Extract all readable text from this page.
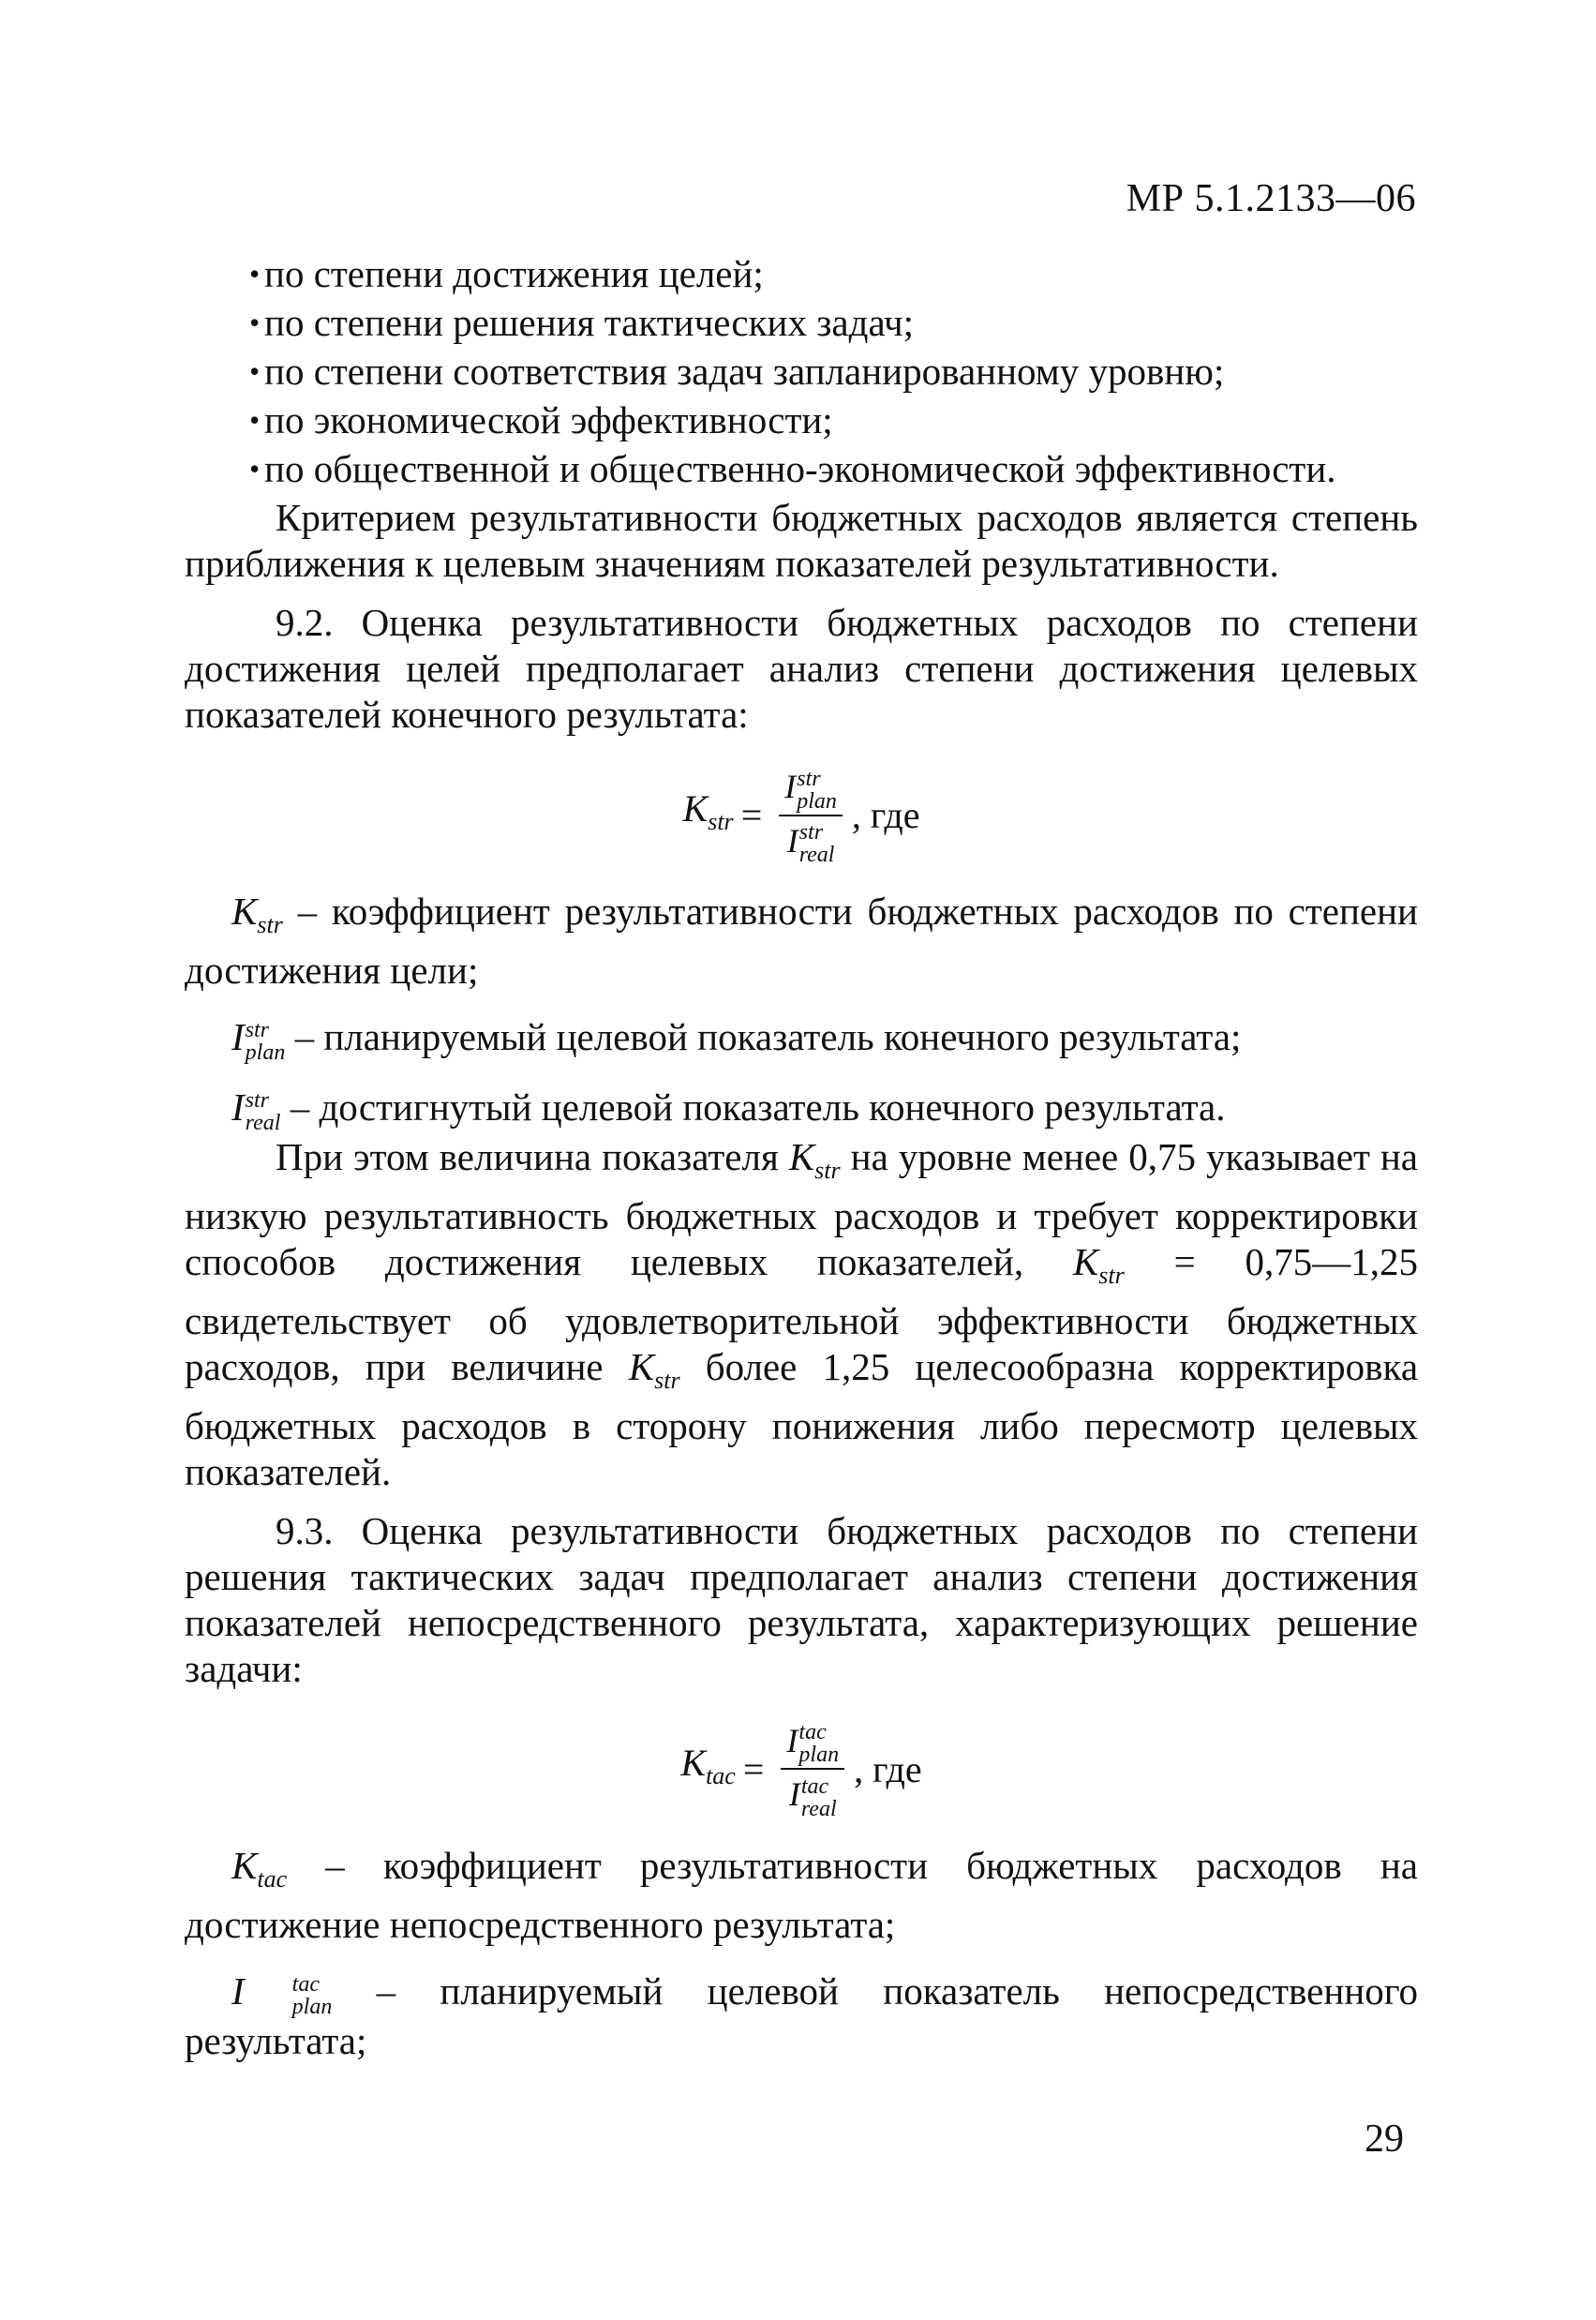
МР 5.1.2133—06
• по степени достижения целей;
• по степени решения тактических задач;
• по степени соответствия задач запланированному уровню;
• по экономической эффективности;
• по общественной и общественно-экономической эффективности.

Критерием результативности бюджетных расходов является степень приближения к целевым значениям показателей результативности.

9.2. Оценка результативности бюджетных расходов по степени достижения целей предполагает анализ степени достижения целевых показателей конечного результата:

$K_{str} = I$ str
plan
I str
real , где

$K_{str}$ – коэффициент результативности бюджетных расходов по степени достижения цели;

I str
plan – планируемый целевой показатель конечного результата;

I str
real – достигнутый целевой показатель конечного результата.

При этом величина показателя $K_{str}$ на уровне менее 0,75 указывает на низкую результативность бюджетных расходов и требует корректировки способов достижения целевых показателей, $K_{str}$ = 0,75—1,25 свидетельствует об удовлетворительной эффективности бюджетных расходов, при величине $K_{str}$ более 1,25 целесообразна корректировка бюджетных расходов в сторону понижения либо пересмотр целевых показателей.

9.3. Оценка результативности бюджетных расходов по степени решения тактических задач предполагает анализ степени достижения показателей непосредственного результата, характеризующих решение задачи:

$K_{tac} = I$ tac
plan
I tac
real , где

$K_{tac}$ – коэффициент результативности бюджетных расходов на достижение непосредственного результата;

I	tac
plan – планируемый целевой показатель непосредственного результата;

29
